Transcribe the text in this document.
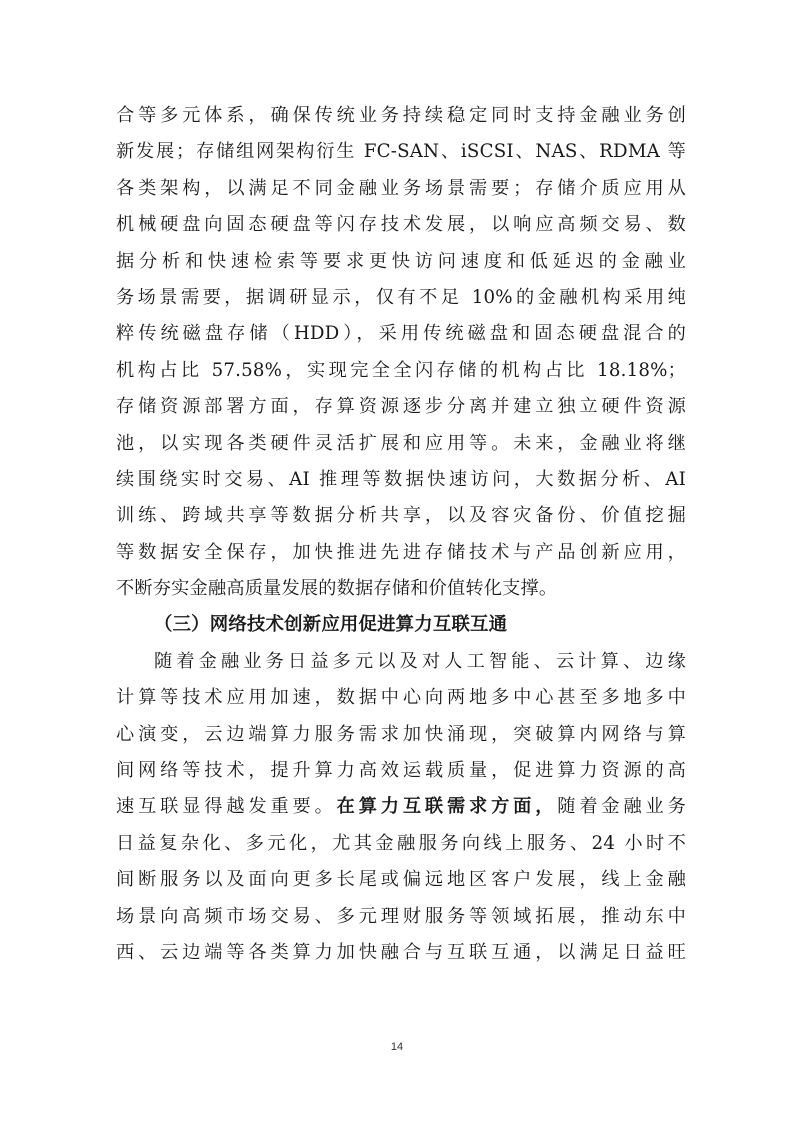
合等多元体系，确保传统业务持续稳定同时支持金融业务创
新发展；存储组网架构衍生 FC-SAN、iSCSI、NAS、RDMA 等
各类架构，以满足不同金融业务场景需要；存储介质应用从
机械硬盘向固态硬盘等闪存技术发展，以响应高频交易、数
据分析和快速检索等要求更快访问速度和低延迟的金融业
务场景需要，据调研显示，仅有不足 10%的金融机构采用纯
粹传统磁盘存储（HDD），采用传统磁盘和固态硬盘混合的
机构占比 57.58%，实现完全全闪存储的机构占比 18.18%；
存储资源部署方面，存算资源逐步分离并建立独立硬件资源
池，以实现各类硬件灵活扩展和应用等。未来，金融业将继
续围绕实时交易、AI 推理等数据快速访问，大数据分析、AI
训练、跨域共享等数据分析共享，以及容灾备份、价值挖掘
等数据安全保存，加快推进先进存储技术与产品创新应用，
不断夯实金融高质量发展的数据存储和价值转化支撑。
（三）网络技术创新应用促进算力互联互通
随着金融业务日益多元以及对人工智能、云计算、边缘
计算等技术应用加速，数据中心向两地多中心甚至多地多中
心演变，云边端算力服务需求加快涌现，突破算内网络与算
间网络等技术，提升算力高效运载质量，促进算力资源的高
速互联显得越发重要。在算力互联需求方面，随着金融业务
日益复杂化、多元化，尤其金融服务向线上服务、24 小时不
间断服务以及面向更多长尾或偏远地区客户发展，线上金融
场景向高频市场交易、多元理财服务等领域拓展，推动东中
西、云边端等各类算力加快融合与互联互通，以满足日益旺
14
